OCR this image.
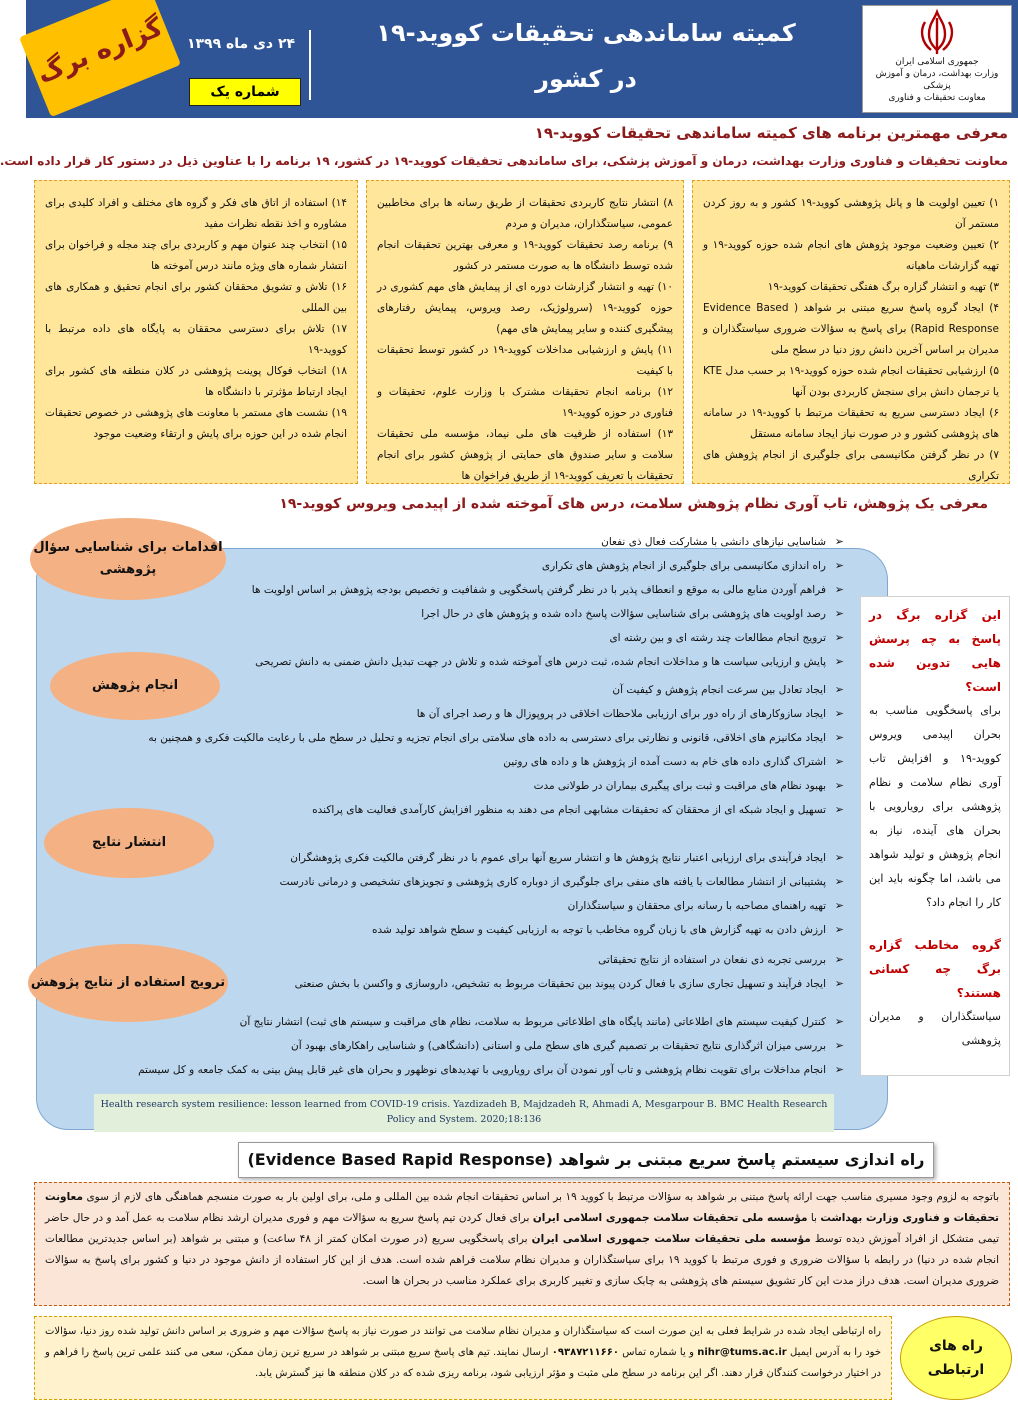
جمهوری اسلامی ایران
وزارت بهداشت، درمان و آموزش پزشکی
معاونت تحقیقات و فناوری
کمیته ساماندهی تحقیقات کووید-۱۹
در کشور
۲۴ دی ماه ۱۳۹۹
شماره یک
گزاره برگ
معرفی مهمترین برنامه های کمیته ساماندهی تحقیقات کووید-۱۹
معاونت تحقیقات و فناوری وزارت بهداشت، درمان و آموزش پزشکی، برای ساماندهی تحقیقات کووید-۱۹ در کشور، ۱۹ برنامه را با عناوین ذیل در دستور کار قرار داده است.

۱) تعیین اولویت ها و پانل پژوهشی کووید-۱۹ کشور و به روز کردن مستمر آن

۲) تعیین وضعیت موجود پژوهش های انجام شده حوزه کووید-۱۹ و تهیه گزارشات ماهیانه

۳) تهیه و انتشار گزاره برگ هفتگی تحقیقات کووید-۱۹

۴) ایجاد گروه پاسخ سریع مبتنی بر شواهد ( Evidence Based Rapid Response) برای پاسخ به سؤالات ضروری سیاستگذاران و مدیران بر اساس آخرین دانش روز دنیا در سطح ملی

۵) ارزشیابی تحقیقات انجام شده حوزه کووید-۱۹ بر حسب مدل KTE یا ترجمان دانش برای سنجش کاربردی بودن آنها

۶) ایجاد دسترسی سریع به تحقیقات مرتبط با کووید-۱۹ در سامانه های پژوهشی کشور و در صورت نیاز ایجاد سامانه مستقل

۷) در نظر گرفتن مکانیسمی برای جلوگیری از انجام پژوهش های تکراری

۸) انتشار نتایج کاربردی تحقیقات از طریق رسانه ها برای مخاطبین عمومی، سیاستگذاران، مدیران و مردم

۹) برنامه رصد تحقیقات کووید-۱۹ و معرفی بهترین تحقیقات انجام شده توسط دانشگاه ها به صورت مستمر در کشور

۱۰) تهیه و انتشار گزارشات دوره ای از پیمایش های مهم کشوری در حوزه کووید-۱۹ (سرولوژیک، رصد ویروس، پیمایش رفتارهای پیشگیری کننده و سایر پیمایش های مهم)

۱۱) پایش و ارزشیابی مداخلات کووید-۱۹ در کشور توسط تحقیقات با کیفیت

۱۲) برنامه انجام تحقیقات مشترک با وزارت علوم، تحقیقات و فناوری در حوزه کووید-۱۹

۱۳) استفاده از ظرفیت های ملی نیماد، مؤسسه ملی تحقیقات سلامت و سایر صندوق های حمایتی از پژوهش کشور برای انجام تحقیقات با تعریف کووید-۱۹ از طریق فراخوان ها

۱۴) استفاده از اتاق های فکر و گروه های مختلف و افراد کلیدی برای مشاوره و اخذ نقطه نظرات مفید

۱۵) انتخاب چند عنوان مهم و کاربردی برای چند مجله و فراخوان برای انتشار شماره های ویژه مانند درس آموخته ها

۱۶) تلاش و تشویق محققان کشور برای انجام تحقیق و همکاری های بین المللی

۱۷) تلاش برای دسترسی محققان به پایگاه های داده مرتبط با کووید-۱۹

۱۸) انتخاب فوکال پوینت پژوهشی در کلان منطقه های کشور برای ایجاد ارتباط مؤثرتر با دانشگاه ها

۱۹) نشست های مستمر با معاونت های پژوهشی در خصوص تحقیقات انجام شده در این حوزه برای پایش و ارتقاء وضعیت موجود

معرفی یک پژوهش، تاب آوری نظام پژوهش سلامت، درس های آموخته شده از اپیدمی ویروس کووید-۱۹
➢ شناسایی نیازهای دانشی با مشارکت فعال ذی نفعان
➢ راه اندازی مکانیسمی برای جلوگیری از انجام پژوهش های تکراری
➢ فراهم آوردن منابع مالی به موقع و انعطاف پذیر با در نظر گرفتن پاسخگویی و شفافیت و تخصیص بودجه پژوهش بر اساس اولویت ها
➢ رصد اولویت های پژوهشی برای شناسایی سؤالات پاسخ داده شده و پژوهش های در حال اجرا
➢ ترویج انجام مطالعات چند رشته ای و بین رشته ای
➢ پایش و ارزیابی سیاست ها و مداخلات انجام شده، ثبت درس های آموخته شده و تلاش در جهت تبدیل دانش ضمنی به دانش تصریحی
➢ ایجاد تعادل بین سرعت انجام پژوهش و کیفیت آن
➢ ایجاد سازوکارهای از راه دور برای ارزیابی ملاحظات اخلاقی در پروپوزال ها و رصد اجرای آن ها
➢ ایجاد مکانیزم های اخلاقی، قانونی و نظارتی برای دسترسی به داده های سلامتی برای انجام تجزیه و تحلیل در سطح ملی با رعایت مالکیت فکری و همچنین به
➢ اشتراک گذاری داده های خام به دست آمده از پژوهش ها و داده های روتین
➢ بهبود نظام های مراقبت و ثبت برای پیگیری بیماران در طولانی مدت
➢ تسهیل و ایجاد شبکه ای از محققان که تحقیقات مشابهی انجام می دهند به منظور افزایش کارآمدی فعالیت های پراکنده
➢ ایجاد فرآیندی برای ارزیابی اعتبار نتایج پژوهش ها و انتشار سریع آنها برای عموم با در نظر گرفتن مالکیت فکری پژوهشگران
➢ پشتیبانی از انتشار مطالعات با یافته های منفی برای جلوگیری از دوباره کاری پژوهشی و تجویزهای تشخیصی و درمانی نادرست
➢ تهیه راهنمای مصاحبه با رسانه برای محققان و سیاستگذاران
➢ ارزش دادن به تهیه گزارش های با زبان گروه مخاطب با توجه به ارزیابی کیفیت و سطح شواهد تولید شده
➢ بررسی تجربه ذی نفعان در استفاده از نتایج تحقیقاتی
➢ ایجاد فرآیند و تسهیل تجاری سازی با فعال کردن پیوند بین تحقیقات مربوط به تشخیص، داروسازی و واکسن با بخش صنعتی
➢ کنترل کیفیت سیستم های اطلاعاتی (مانند پایگاه های اطلاعاتی مربوط به سلامت، نظام های مراقبت و سیستم های ثبت) انتشار نتایج آن
➢ بررسی میزان اثرگذاری نتایج تحقیقات بر تصمیم گیری های سطح ملی و استانی (دانشگاهی) و شناسایی راهکارهای بهبود آن
➢ انجام مداخلات برای تقویت نظام پژوهشی و تاب آور نمودن آن برای رویارویی با تهدیدهای نوظهور و بحران های غیر قابل پیش بینی به کمک جامعه و کل سیستم
اقدامات برای شناسایی سؤال پژوهشی
انجام پژوهش
انتشار نتایج
ترویج استفاده از نتایج پژوهش
Health research system resilience: lesson learned from COVID-19 crisis. Yazdizadeh B, Majdzadeh R, Ahmadi A, Mesgarpour B. BMC Health Research Policy and System. 2020;18:136
این گزاره برگ در پاسخ به چه پرسش هایی تدوین شده است؟
برای پاسخگویی مناسب به بحران اپیدمی ویروس کووید-۱۹ و افزایش تاب آوری نظام سلامت و نظام پژوهشی برای رویارویی با بحران های آینده، نیاز به انجام پژوهش و تولید شواهد می باشد، اما چگونه باید این کار را انجام داد؟
گروه مخاطب گزاره برگ چه کسانی هستند؟
سیاستگذاران و مدیران پژوهشی
راه اندازی سیستم پاسخ سریع مبتنی بر شواهد (Evidence Based Rapid Response)
باتوجه به لزوم وجود مسیری مناسب جهت ارائه پاسخ مبتنی بر شواهد به سؤالات مرتبط با کووید ۱۹ بر اساس تحقیقات انجام شده بین المللی و ملی، برای اولین بار به صورت منسجم هماهنگی های لازم از سوی معاونت تحقیقات و فناوری وزارت بهداشت با مؤسسه ملی تحقیقات سلامت جمهوری اسلامی ایران برای فعال کردن تیم پاسخ سریع به سؤالات مهم و فوری مدیران ارشد نظام سلامت به عمل آمد و در حال حاضر تیمی متشکل از افراد آموزش دیده توسط مؤسسه ملی تحقیقات سلامت جمهوری اسلامی ایران برای پاسخگویی سریع (در صورت امکان کمتر از ۴۸ ساعت) و مبتنی بر شواهد (بر اساس جدیدترین مطالعات انجام شده در دنیا) در رابطه با سؤالات ضروری و فوری مرتبط با کووید ۱۹ برای سیاستگذاران و مدیران نظام سلامت فراهم شده است. هدف از این کار استفاده از دانش موجود در دنیا و کشور برای پاسخ به سؤالات ضروری مدیران است. هدف دراز مدت این کار تشویق سیستم های پژوهشی به چابک سازی و تغییر کاربری برای عملکرد مناسب در بحران ها است.
راه ارتباطی ایجاد شده در شرایط فعلی به این صورت است که سیاستگذاران و مدیران نظام سلامت می توانند در صورت نیاز به پاسخ سؤالات مهم و ضروری بر اساس دانش تولید شده روز دنیا، سؤالات خود را به آدرس ایمیل nihr@tums.ac.ir و یا شماره تماس ۰۹۳۸۷۲۱۱۶۶۰ ارسال نمایند. تیم های پاسخ سریع مبتنی بر شواهد در سریع ترین زمان ممکن، سعی می کنند علمی ترین پاسخ را فراهم و در اختیار درخواست کنندگان قرار دهند. اگر این برنامه در سطح ملی مثبت و مؤثر ارزیابی شود، برنامه ریزی شده که در کلان منطقه ها نیز گسترش یابد.
راه های ارتباطی
